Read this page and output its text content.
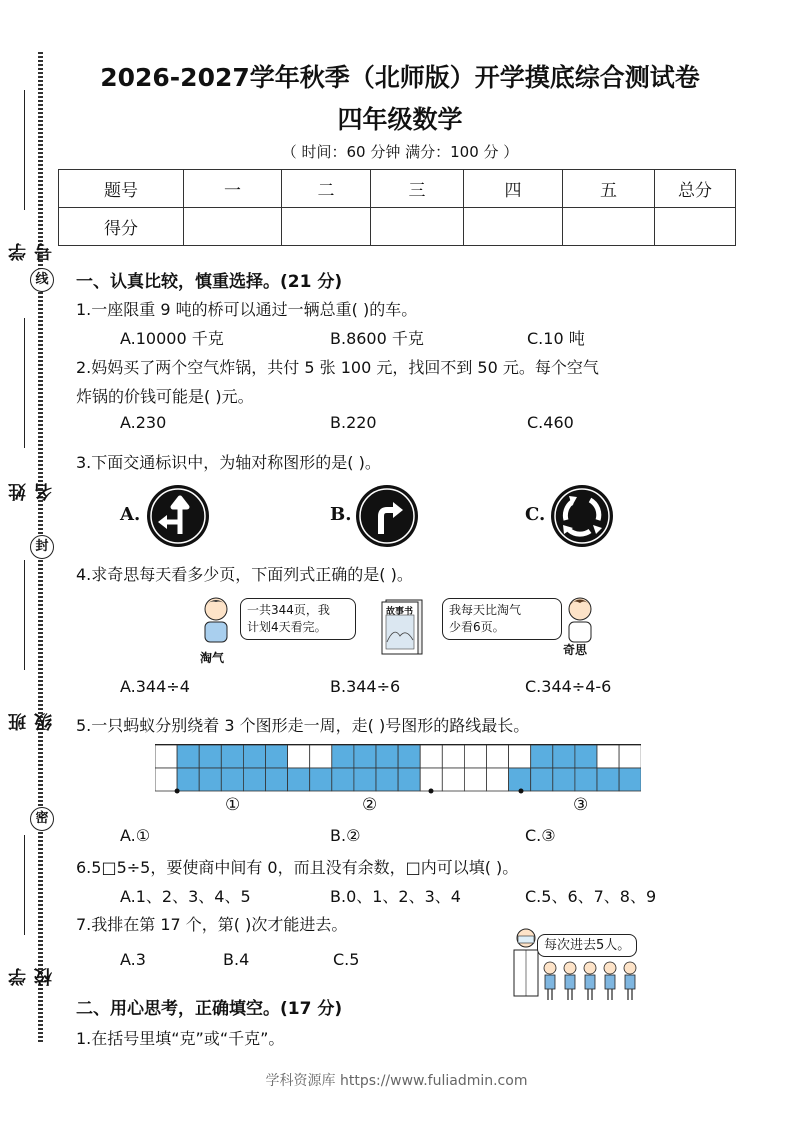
学号
线
姓名
封
班级
密
学校
2026-2027学年秋季（北师版）开学摸底综合测试卷
四年级数学
（ 时间：60 分钟 满分：100 分 ）
题号	一	二	三	四	五	总分
得分						
一、认真比较，慎重选择。(21 分)
1.一座限重 9 吨的桥可以通过一辆总重( )的车。
A.10000 千克	B.8600 千克	C.10 吨
2.妈妈买了两个空气炸锅，共付 5 张 100 元，找回不到 50 元。每个空气
炸锅的价钱可能是( )元。
A.230	B.220	C.460
3.下面交通标识中，为轴对称图形的是( )。
A.	B.	C.
4.求奇思每天看多少页，下面列式正确的是( )。
一共344页，我
计划4天看完。
淘气
故事书	我每天比淘气
少看6页。
奇思
A.344÷4	B.344÷6	C.344÷4-6
5.一只蚂蚁分别绕着 3 个图形走一周，走( )号图形的路线最长。
①	②	③
A.①	B.②	C.③
6.5□5÷5，要使商中间有 0，而且没有余数，□内可以填( )。
A.1、2、3、4、5	B.0、1、2、3、4	C.5、6、7、8、9
7.我排在第 17 个，第( )次才能进去。
A.3	B.4	C.5
每次进去5人。
二、用心思考，正确填空。(17 分)
1.在括号里填“克”或“千克”。
学科资源库 https://www.fuliadmin.com
